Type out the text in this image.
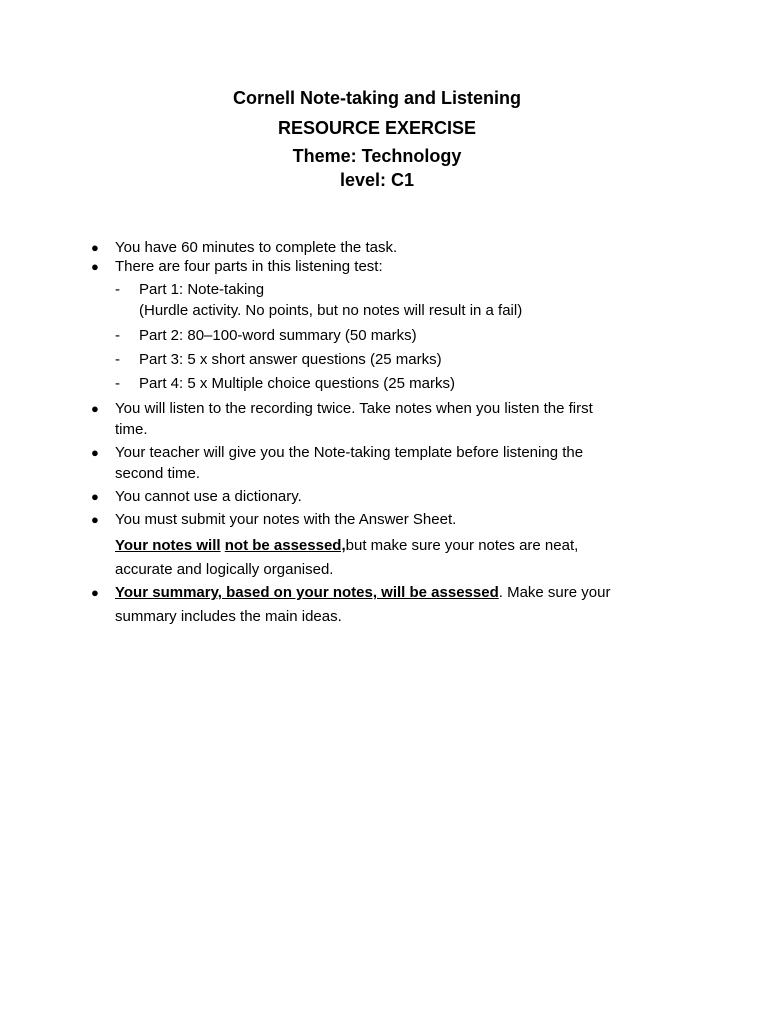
Cornell Note-taking and Listening
RESOURCE EXERCISE
Theme: Technology
level: C1
● You have 60 minutes to complete the task.
● There are four parts in this listening test:
- Part 1: Note-taking
(Hurdle activity. No points, but no notes will result in a fail)
- Part 2: 80–100-word summary (50 marks)
- Part 3: 5 x short answer questions (25 marks)
- Part 4: 5 x Multiple choice questions (25 marks)
● You will listen to the recording twice. Take notes when you listen the first
time.
● Your teacher will give you the Note-taking template before listening the
second time.
● You cannot use a dictionary.
● You must submit your notes with the Answer Sheet.
Your notes will not be assessed,but make sure your notes are neat,
accurate and logically organised.
● Your summary, based on your notes, will be assessed. Make sure your
summary includes the main ideas.
